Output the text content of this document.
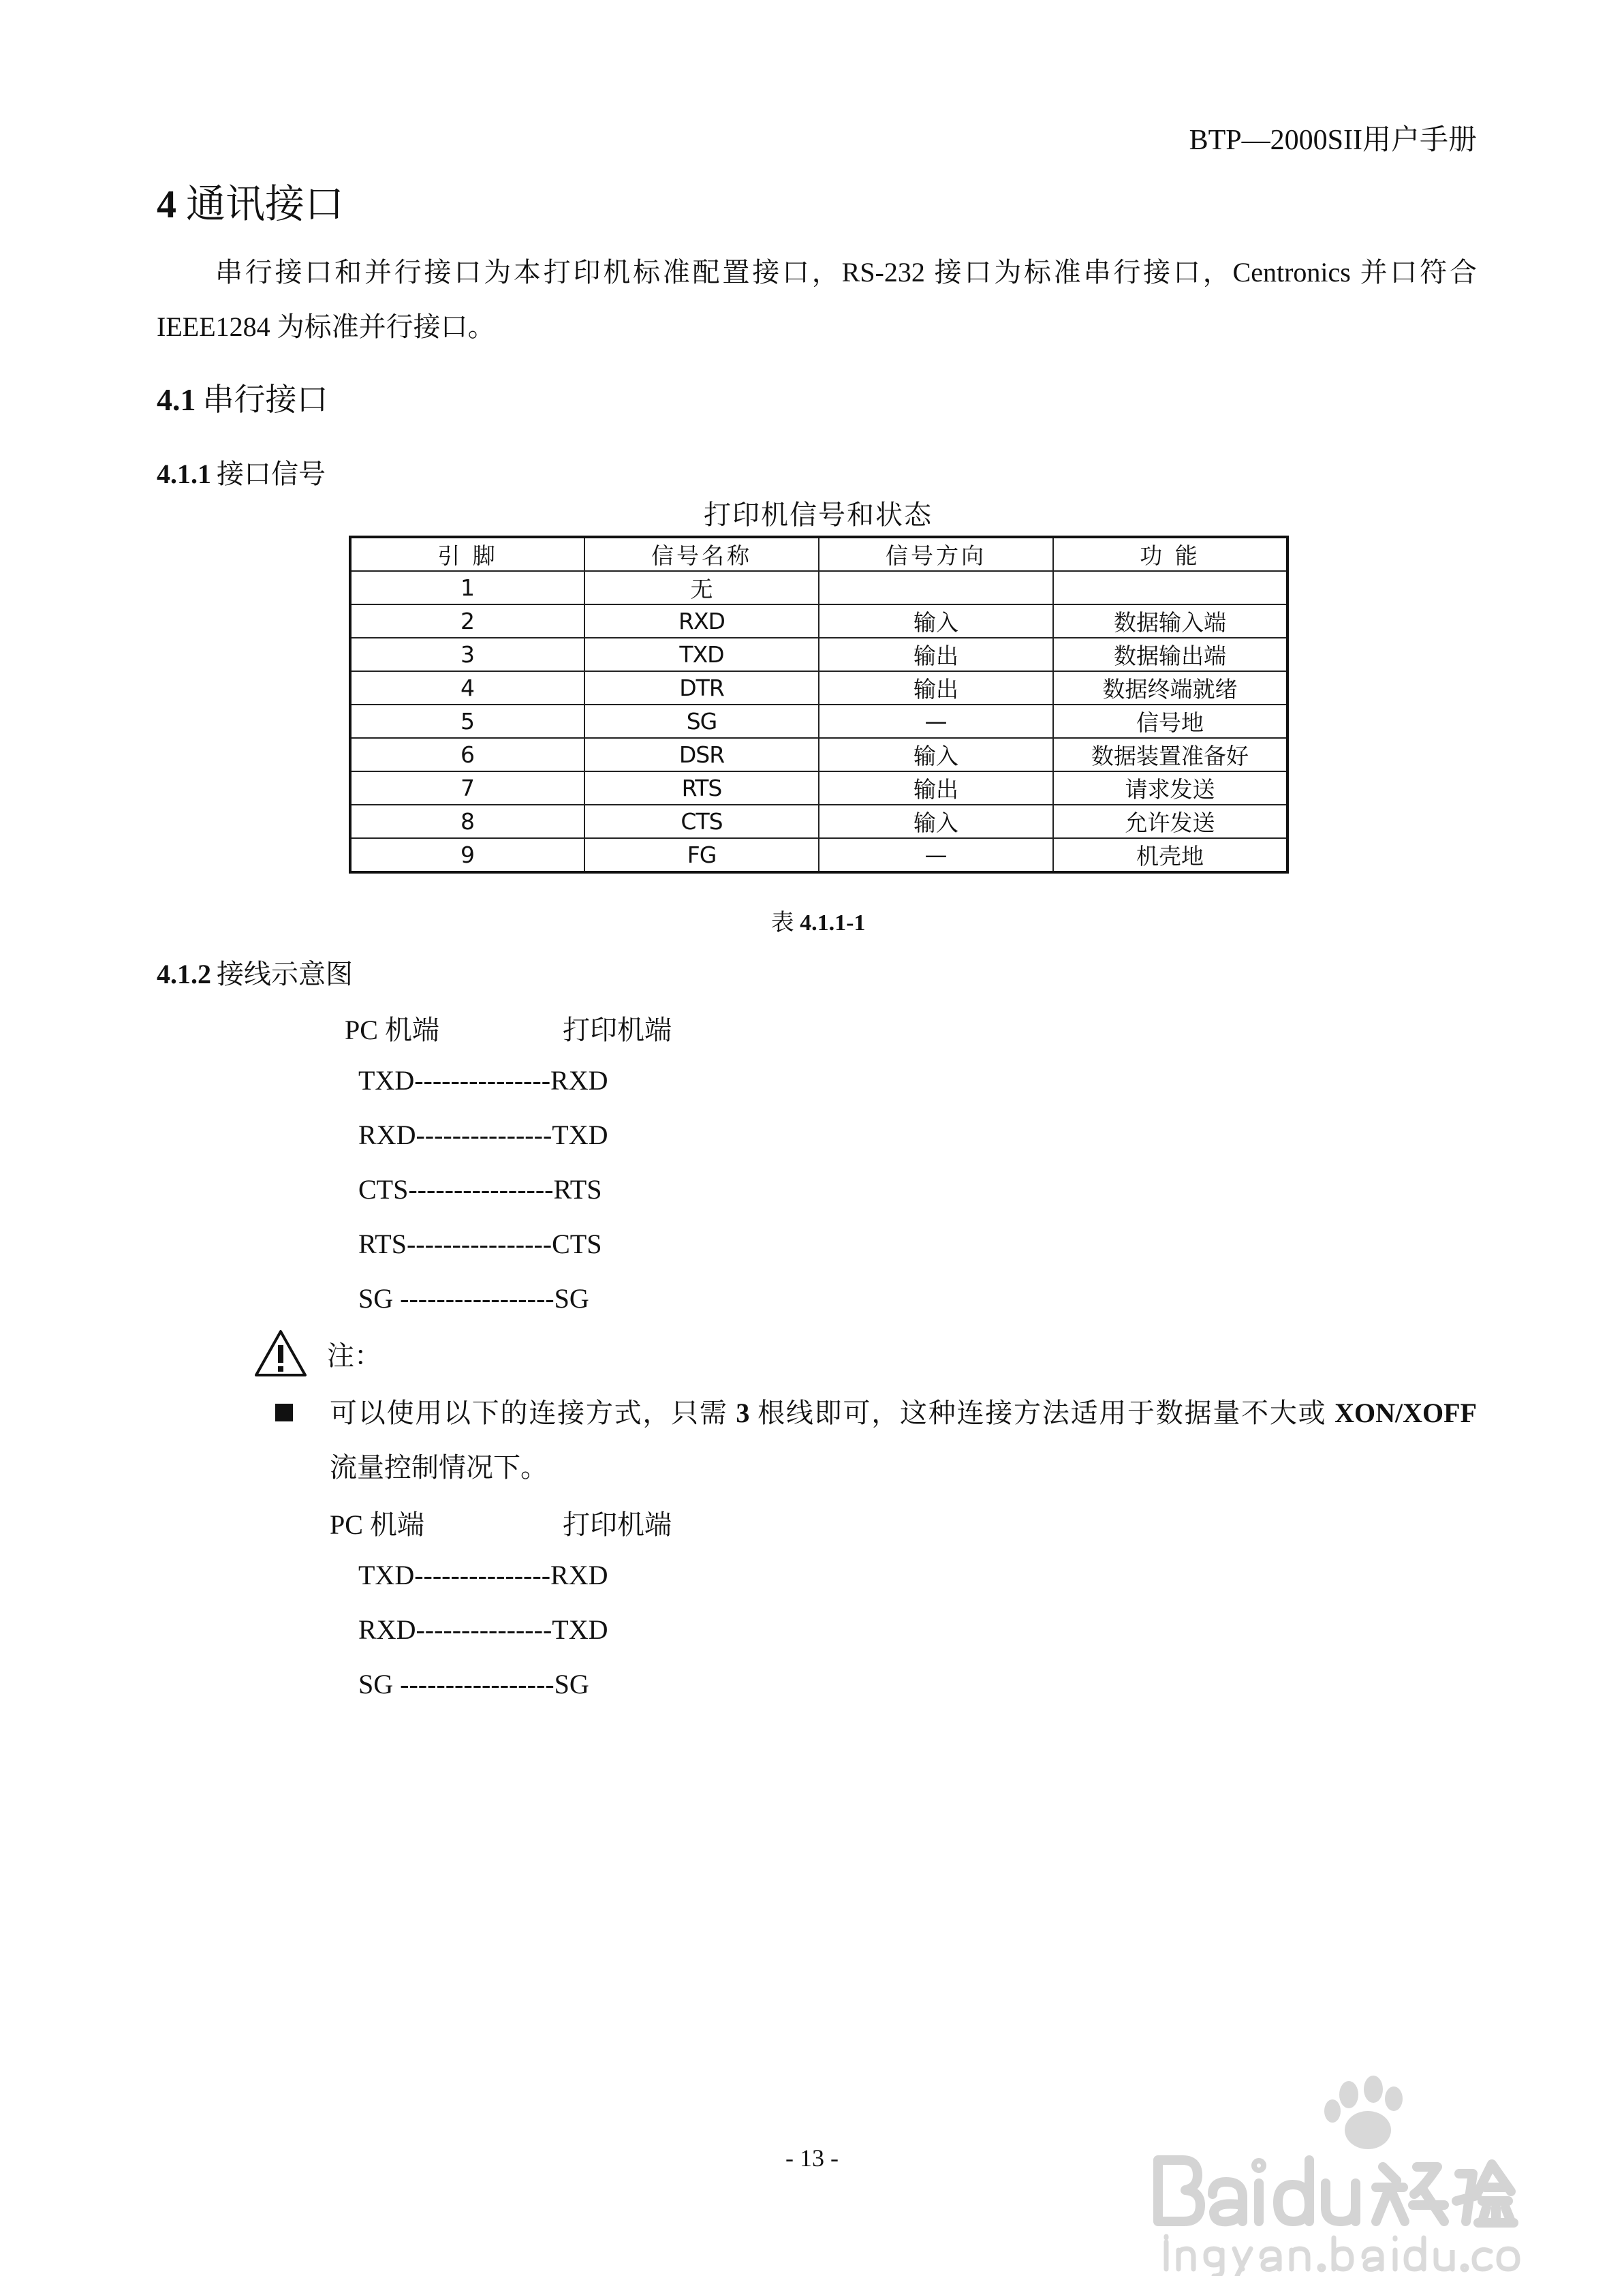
BTP—2000SII用户手册
4 通讯接口
串行接口和并行接口为本打印机标准配置接口，RS-232 接口为标准串行接口，Centronics 并口符合
IEEE1284 为标准并行接口。
4.1 串行接口
4.1.1 接口信号
打印机信号和状态
引 脚	信号名称	信号方向	功 能
1	无		
2	RXD	输入	数据输入端
3	TXD	输出	数据输出端
4	DTR	输出	数据终端就绪
5	SG	—	信号地
6	DSR	输入	数据装置准备好
7	RTS	输出	请求发送
8	CTS	输入	允许发送
9	FG	—	机壳地
表 4.1.1-1
4.1.2 接线示意图
PC 机端	打印机端
TXD---------------RXD
RXD---------------TXD
CTS----------------RTS
RTS----------------CTS
SG -----------------SG
注：
可以使用以下的连接方式，只需 3 根线即可，这种连接方法适用于数据量不大或 XON/XOFF
流量控制情况下。
PC 机端	打印机端
TXD---------------RXD
RXD---------------TXD
SG -----------------SG
- 13 -
